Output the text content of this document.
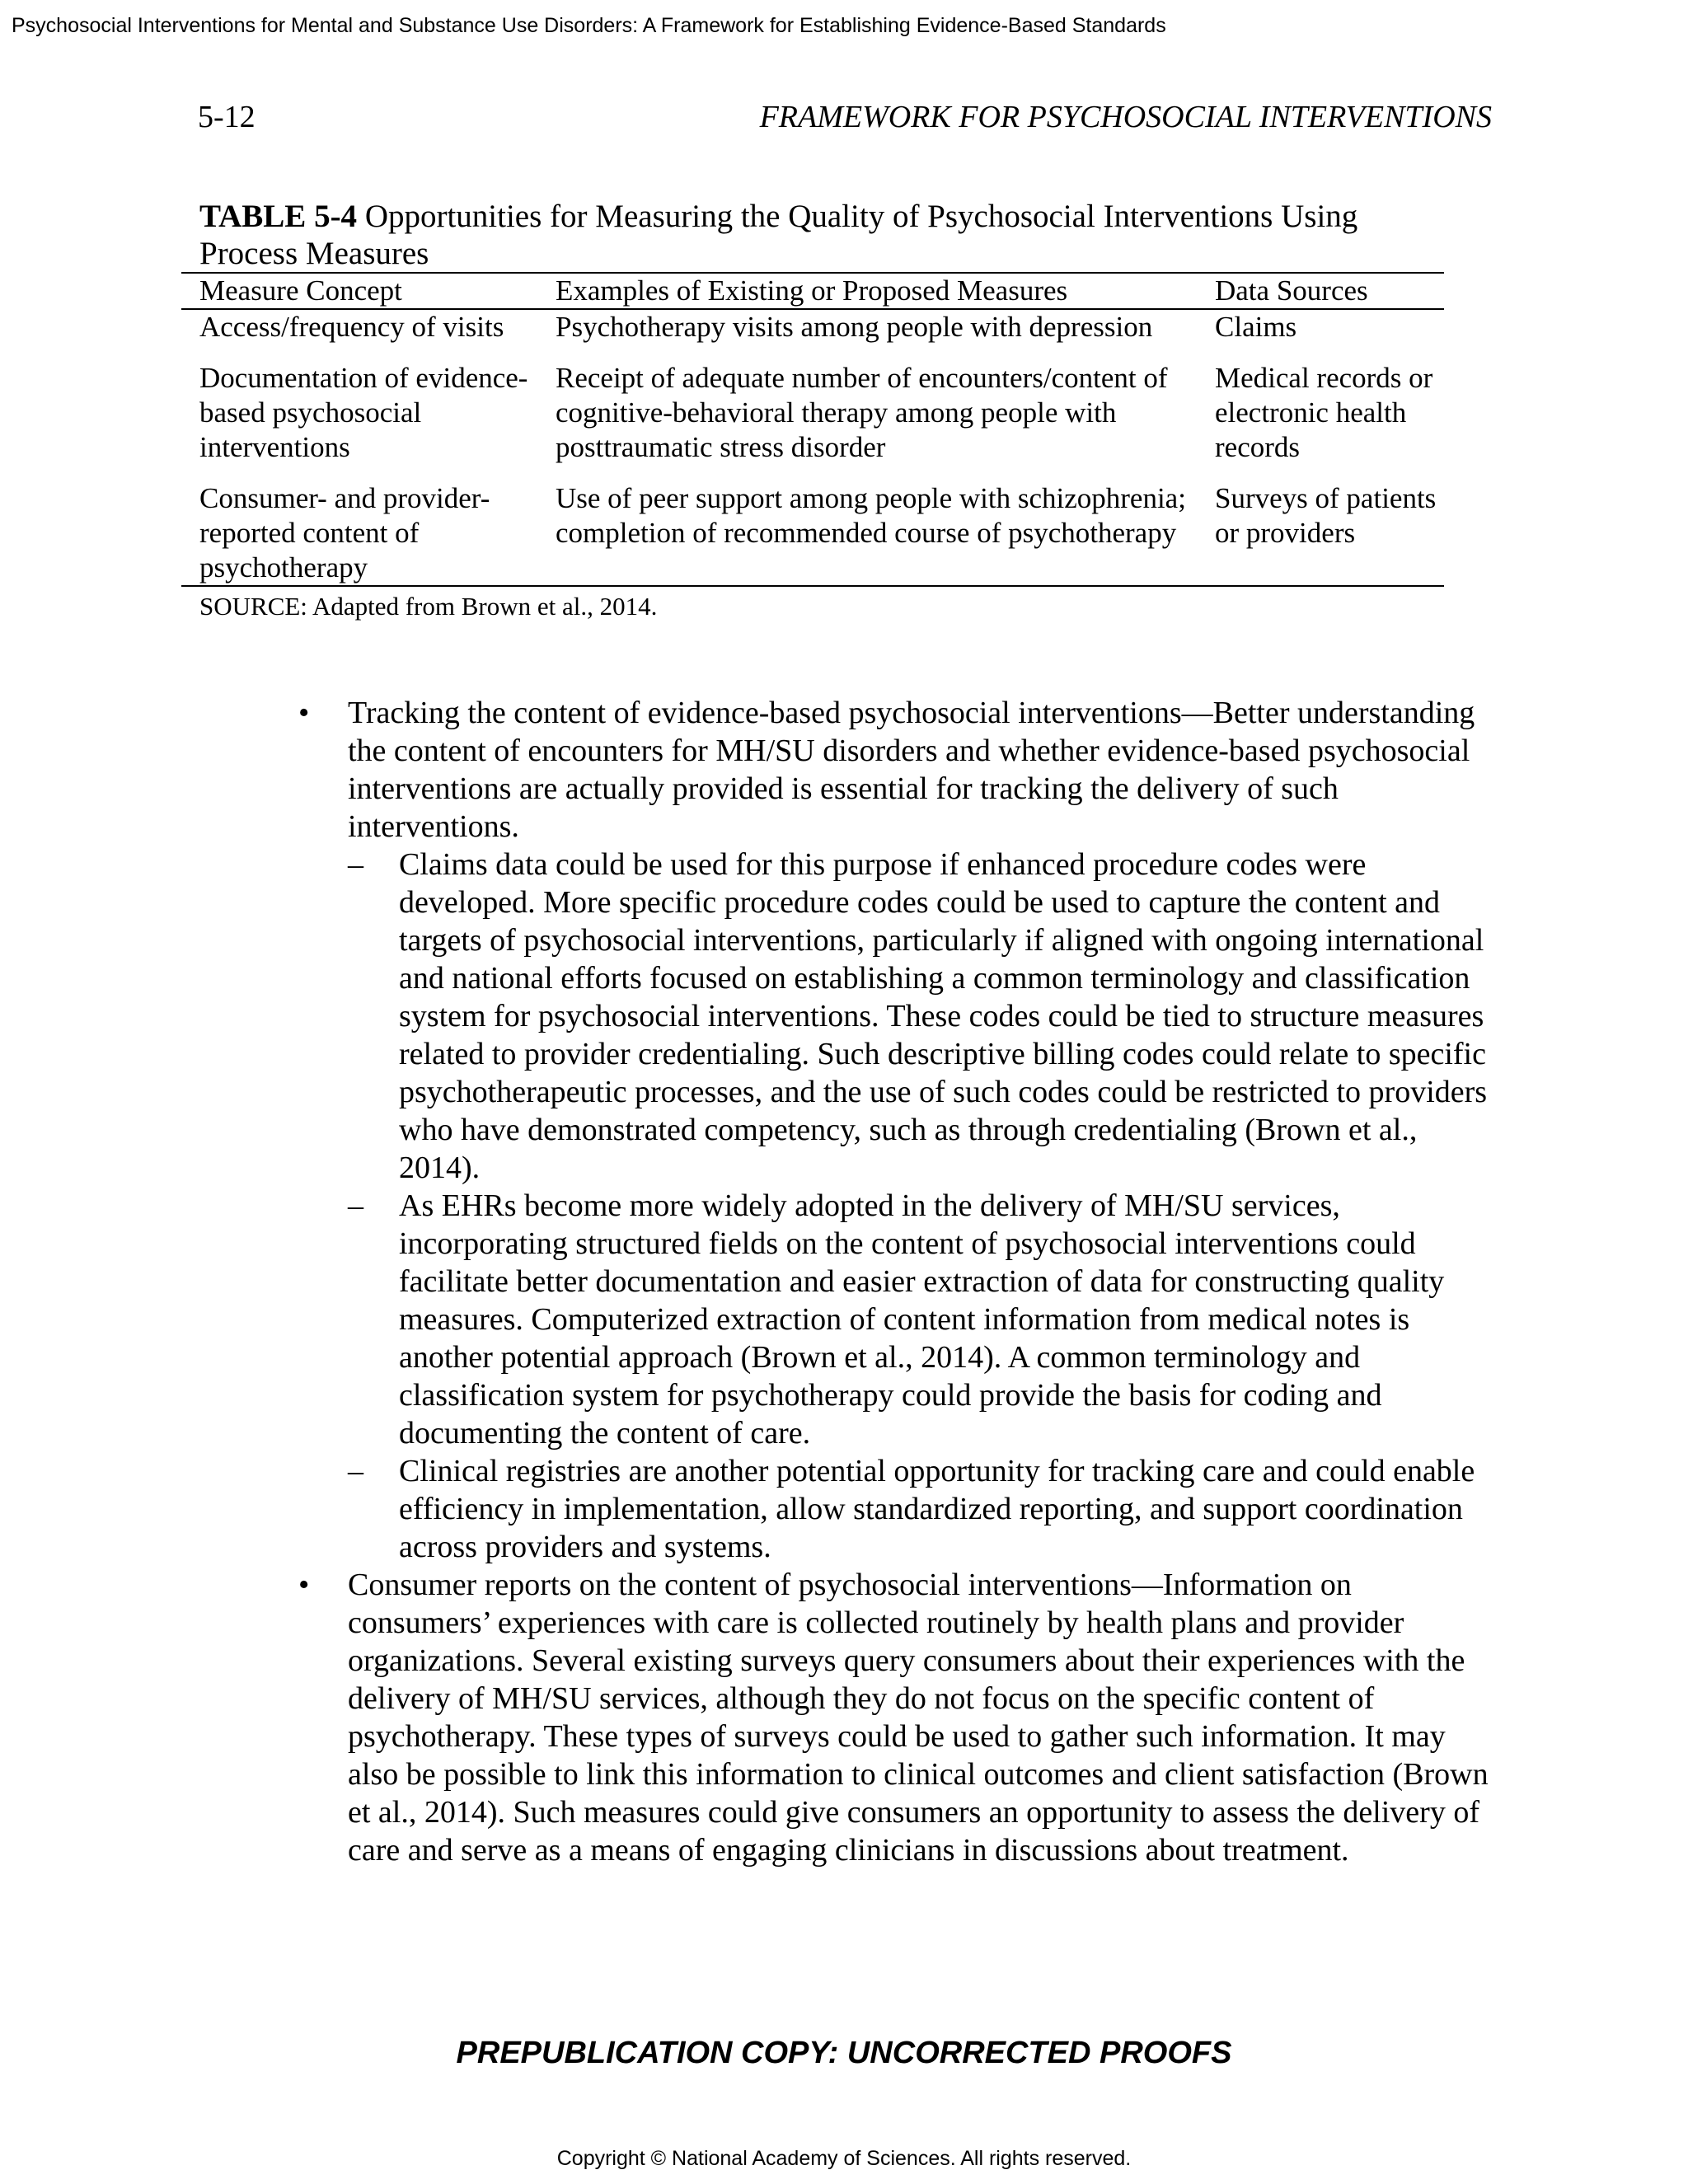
Psychosocial Interventions for Mental and Substance Use Disorders: A Framework for Establishing Evidence-Based Standards
5-12	FRAMEWORK FOR PSYCHOSOCIAL INTERVENTIONS
TABLE 5-4 Opportunities for Measuring the Quality of Psychosocial Interventions Using Process Measures
Measure Concept	Examples of Existing or Proposed Measures	Data Sources
Access/frequency of visits	Psychotherapy visits among people with depression	Claims
Documentation of evidence-based psychosocial interventions	Receipt of adequate number of encounters/content of cognitive-behavioral therapy among people with posttraumatic stress disorder	Medical records or electronic health records
Consumer- and provider-reported content of psychotherapy	Use of peer support among people with schizophrenia; completion of recommended course of psychotherapy	Surveys of patients or providers
SOURCE: Adapted from Brown et al., 2014.
• Tracking the content of evidence-based psychosocial interventions—Better understanding the content of encounters for MH/SU disorders and whether evidence-based psychosocial interventions are actually provided is essential for tracking the delivery of such interventions.
– Claims data could be used for this purpose if enhanced procedure codes were developed. More specific procedure codes could be used to capture the content and targets of psychosocial interventions, particularly if aligned with ongoing international and national efforts focused on establishing a common terminology and classification system for psychosocial interventions. These codes could be tied to structure measures related to provider credentialing. Such descriptive billing codes could relate to specific psychotherapeutic processes, and the use of such codes could be restricted to providers who have demonstrated competency, such as through credentialing (Brown et al., 2014).
– As EHRs become more widely adopted in the delivery of MH/SU services, incorporating structured fields on the content of psychosocial interventions could facilitate better documentation and easier extraction of data for constructing quality measures. Computerized extraction of content information from medical notes is another potential approach (Brown et al., 2014). A common terminology and classification system for psychotherapy could provide the basis for coding and documenting the content of care.
– Clinical registries are another potential opportunity for tracking care and could enable efficiency in implementation, allow standardized reporting, and support coordination across providers and systems.
• Consumer reports on the content of psychosocial interventions—Information on consumers’ experiences with care is collected routinely by health plans and provider organizations. Several existing surveys query consumers about their experiences with the delivery of MH/SU services, although they do not focus on the specific content of psychotherapy. These types of surveys could be used to gather such information. It may also be possible to link this information to clinical outcomes and client satisfaction (Brown et al., 2014). Such measures could give consumers an opportunity to assess the delivery of care and serve as a means of engaging clinicians in discussions about treatment.
PREPUBLICATION COPY: UNCORRECTED PROOFS
Copyright © National Academy of Sciences. All rights reserved.
